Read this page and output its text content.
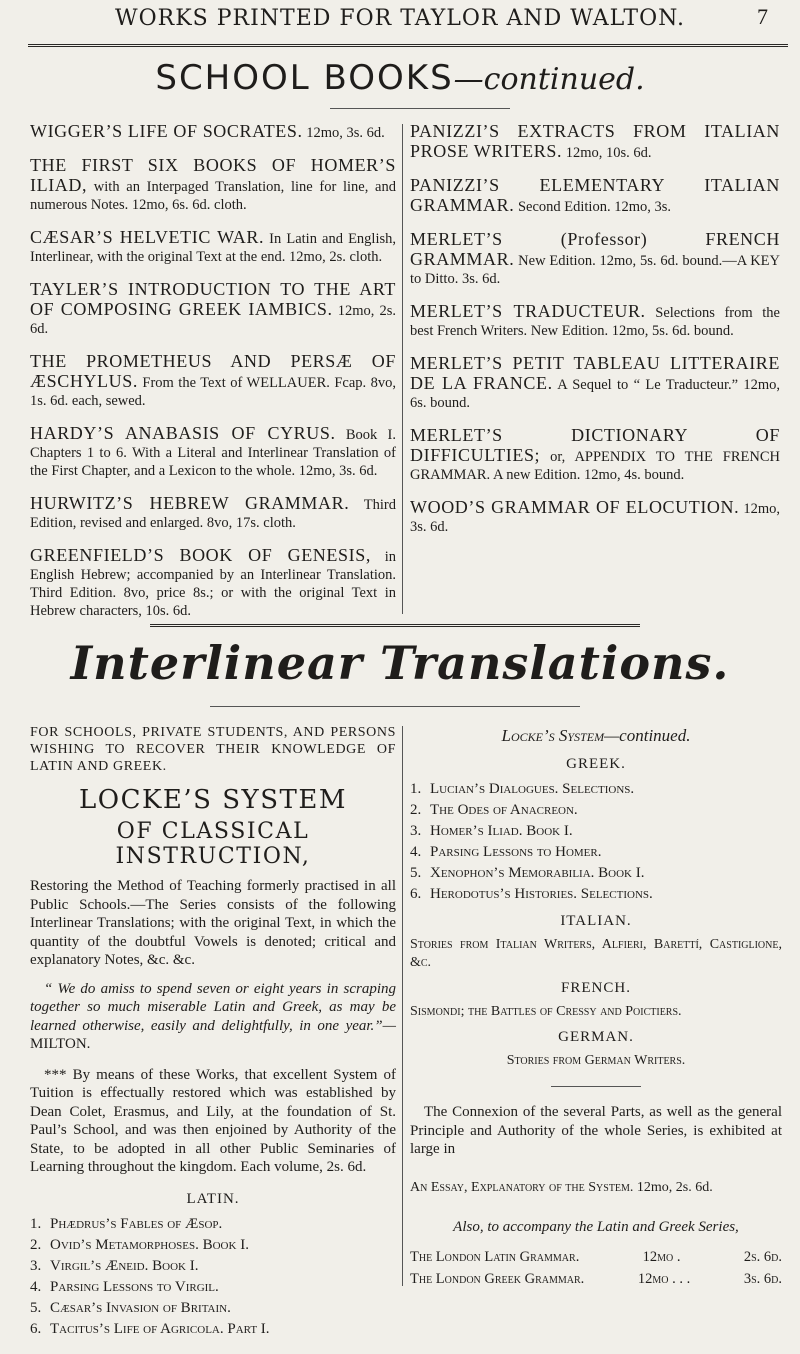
WORKS PRINTED FOR TAYLOR AND WALTON.	7
SCHOOL BOOKS—continued.
WIGGER’S LIFE OF SOCRATES. 12mo, 3s. 6d.
THE FIRST SIX BOOKS OF HOMER’S ILIAD, with an Interpaged Translation, line for line, and numerous Notes. 12mo, 6s. 6d. cloth.
CÆSAR’S HELVETIC WAR. In Latin and English, Interlinear, with the original Text at the end. 12mo, 2s. cloth.
TAYLER’S INTRODUCTION TO THE ART OF COMPOSING GREEK IAMBICS. 12mo, 2s. 6d.
THE PROMETHEUS AND PERSÆ OF ÆSCHYLUS. From the Text of WELLAUER. Fcap. 8vo, 1s. 6d. each, sewed.
HARDY’S ANABASIS OF CYRUS. Book I. Chapters 1 to 6. With a Literal and Interlinear Translation of the First Chapter, and a Lexicon to the whole. 12mo, 3s. 6d.
HURWITZ’S HEBREW GRAMMAR. Third Edition, revised and enlarged. 8vo, 17s. cloth.
GREENFIELD’S BOOK OF GENESIS, in English Hebrew; accompanied by an Interlinear Translation. Third Edition. 8vo, price 8s.; or with the original Text in Hebrew characters, 10s. 6d.
PANIZZI’S EXTRACTS FROM ITALIAN PROSE WRITERS. 12mo, 10s. 6d.
PANIZZI’S ELEMENTARY ITALIAN GRAMMAR. Second Edition. 12mo, 3s.
MERLET’S (Professor) FRENCH GRAMMAR. New Edition. 12mo, 5s. 6d. bound.—A KEY to Ditto. 3s. 6d.
MERLET’S TRADUCTEUR. Selections from the best French Writers. New Edition. 12mo, 5s. 6d. bound.
MERLET’S PETIT TABLEAU LITTERAIRE DE LA FRANCE. A Sequel to “ Le Traducteur.” 12mo, 6s. bound.
MERLET’S DICTIONARY OF DIFFICULTIES; or, APPENDIX TO THE FRENCH GRAMMAR. A new Edition. 12mo, 4s. bound.
WOOD’S GRAMMAR OF ELOCUTION. 12mo, 3s. 6d.
Interlinear Translations.
FOR SCHOOLS, PRIVATE STUDENTS, AND PERSONS WISHING TO RECOVER THEIR KNOWLEDGE OF LATIN AND GREEK.
LOCKE’S SYSTEM
OF CLASSICAL INSTRUCTION,
Restoring the Method of Teaching formerly practised in all Public Schools.—The Series consists of the following Interlinear Translations; with the original Text, in which the quantity of the doubtful Vowels is denoted; critical and explanatory Notes, &c. &c.
“ We do amiss to spend seven or eight years in scraping together so much miserable Latin and Greek, as may be learned otherwise, easily and delightfully, in one year.”—MILTON.
*** By means of these Works, that excellent System of Tuition is effectually restored which was established by Dean Colet, Erasmus, and Lily, at the foundation of St. Paul’s School, and was then enjoined by Authority of the State, to be adopted in all other Public Seminaries of Learning throughout the kingdom. Each volume, 2s. 6d.
LATIN.
1. Phædrus’s Fables of Æsop.
2. Ovid’s Metamorphoses. Book I.
3. Virgil’s Æneid. Book I.
4. Parsing Lessons to Virgil.
5. Cæsar’s Invasion of Britain.
6. Tacitus’s Life of Agricola. Part I.
Locke’s System—continued.
GREEK.
1. Lucian’s Dialogues. Selections.
2. The Odes of Anacreon.
3. Homer’s Iliad. Book I.
4. Parsing Lessons to Homer.
5. Xenophon’s Memorabilia. Book I.
6. Herodotus’s Histories. Selections.
ITALIAN.
Stories from Italian Writers, Alfieri, Barettí, Castiglione, &c.
FRENCH.
Sismondi; the Battles of Cressy and Poictiers.
GERMAN.
Stories from German Writers.
The Connexion of the several Parts, as well as the general Principle and Authority of the whole Series, is exhibited at large in
An Essay, Explanatory of the System. 12mo, 2s. 6d.
Also, to accompany the Latin and Greek Series,
The London Latin Grammar.	12mo .	2s. 6d.
The London Greek Grammar.	12mo . . .	3s. 6d.
